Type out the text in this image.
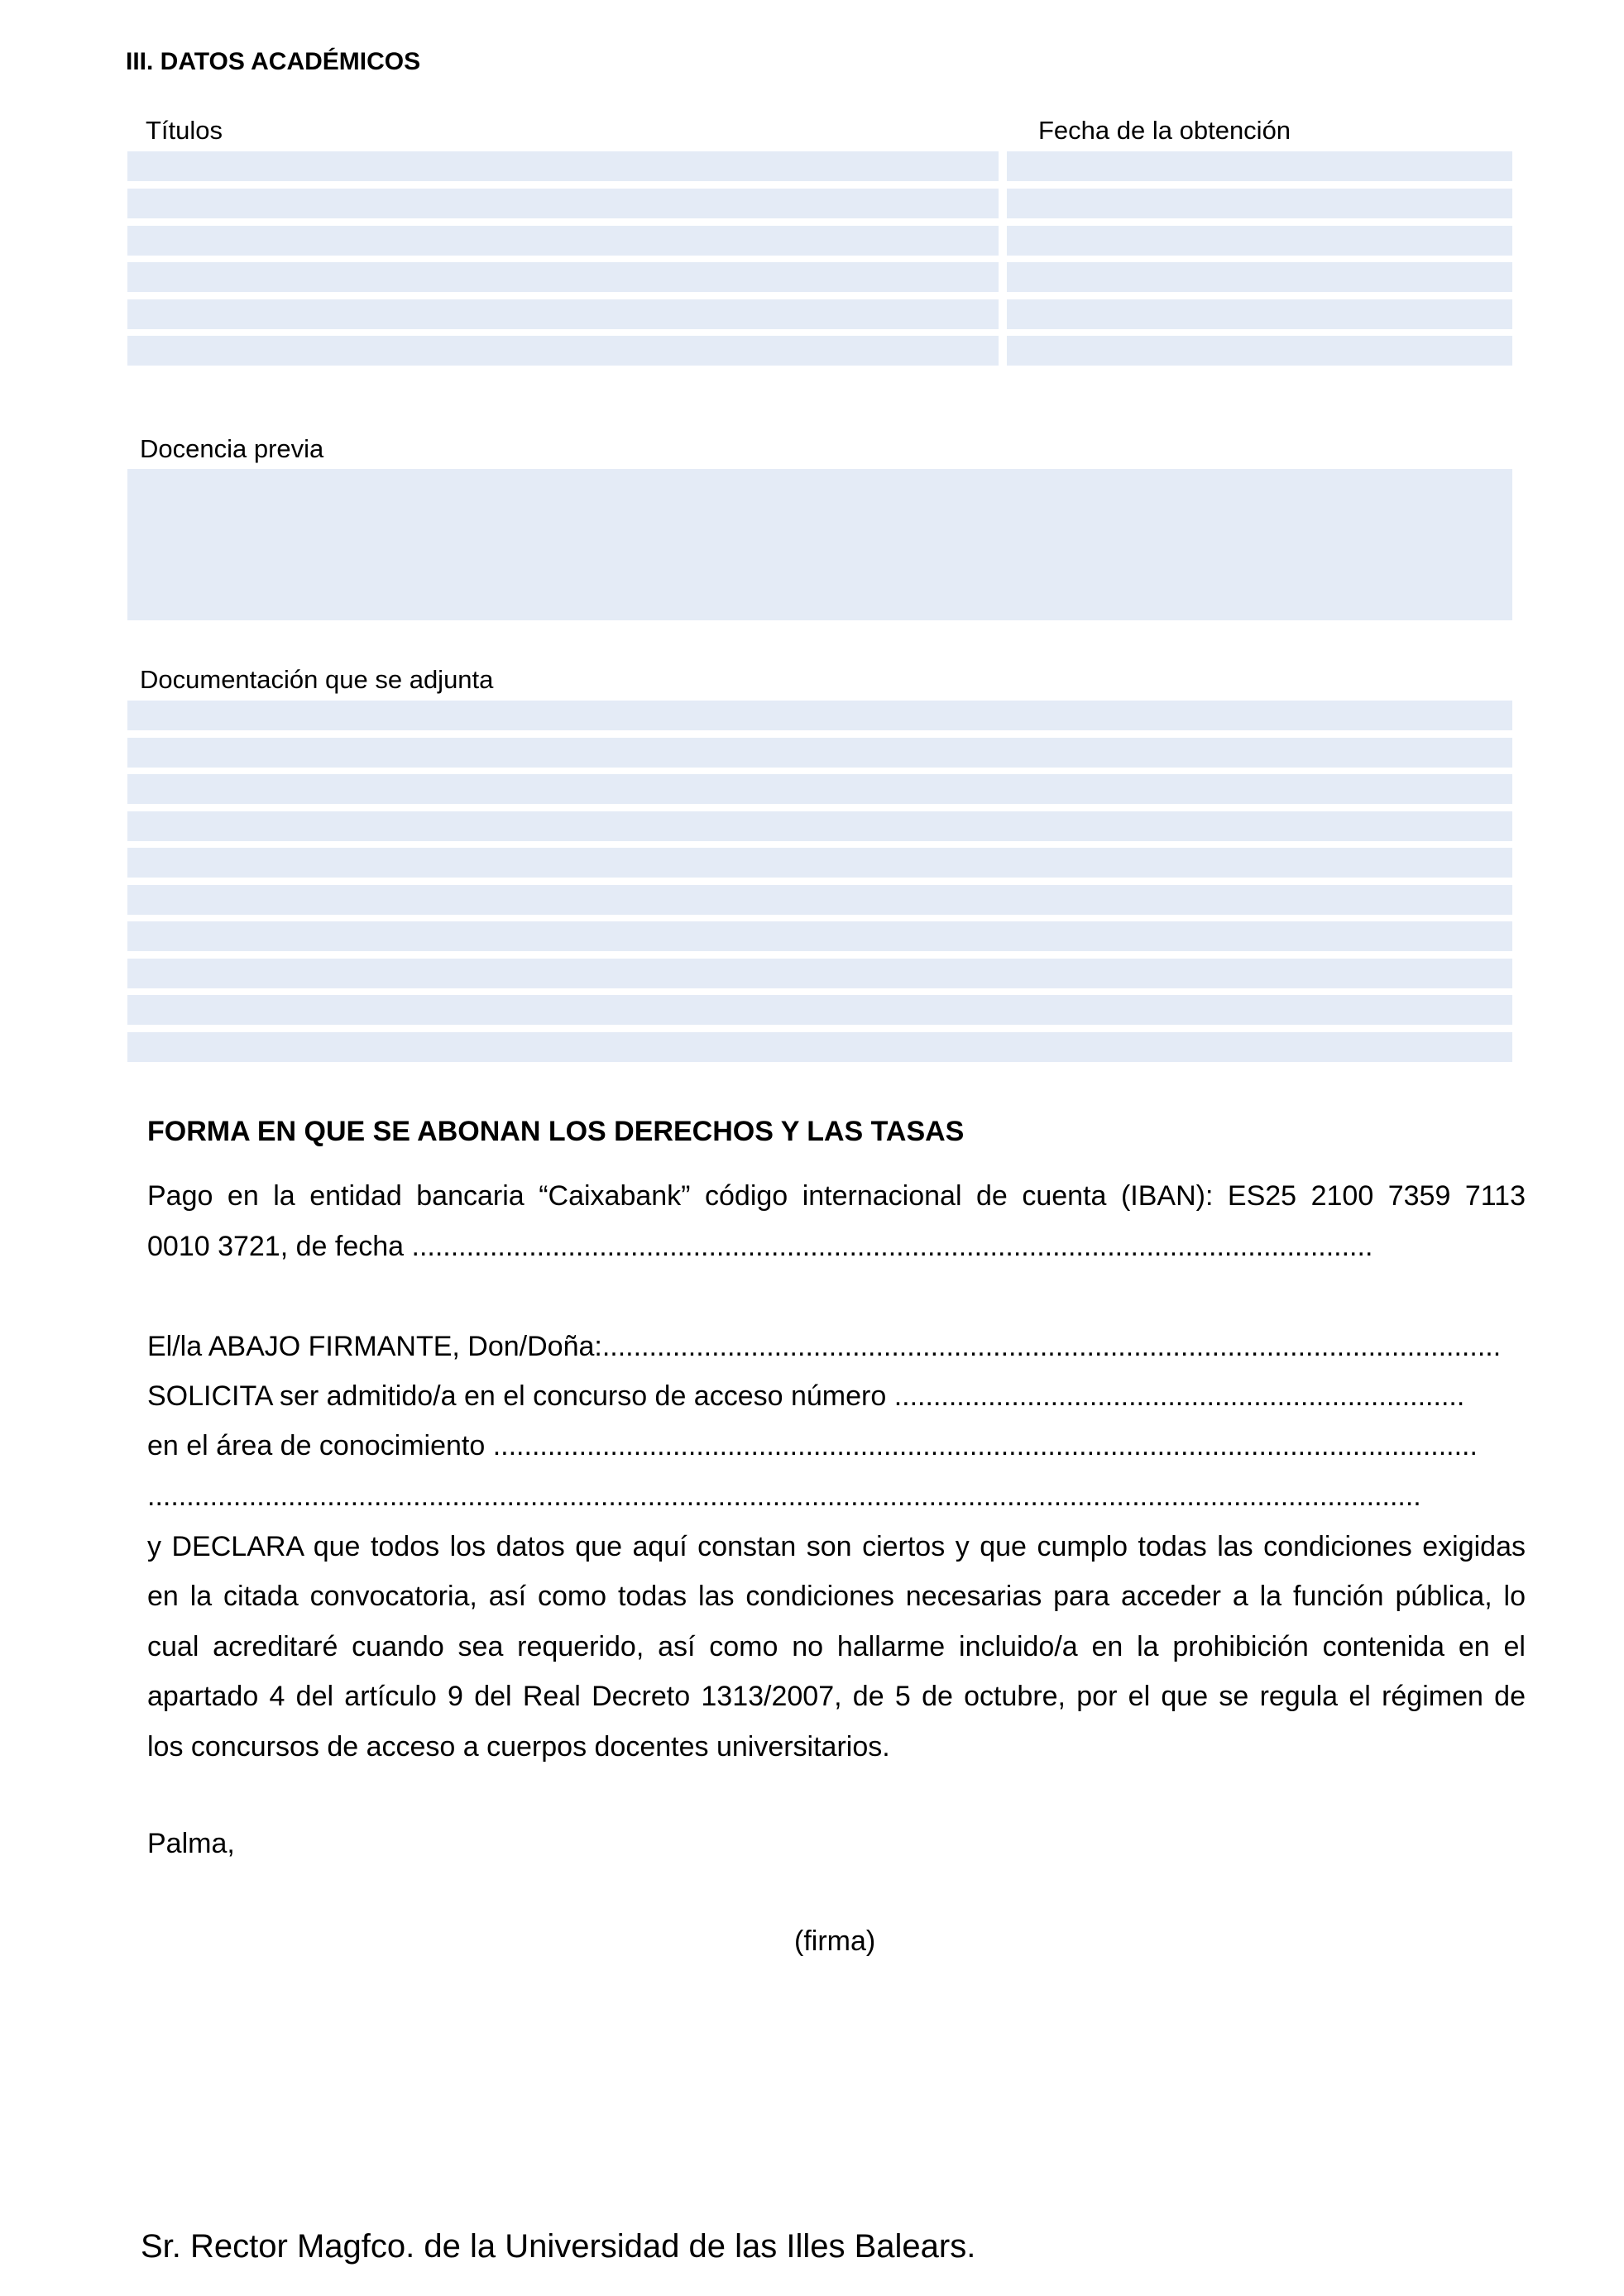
III. DATOS ACADÉMICOS
Títulos	Fecha de la obtención
Docencia previa
Documentación que se adjunta
FORMA EN QUE SE ABONAN LOS DERECHOS Y LAS TASAS
Pago en la entidad bancaria “Caixabank” código internacional de cuenta (IBAN): ES25 2100 7359 7113
0010 3721, de fecha ...........................................................................................................................
El/la ABAJO FIRMANTE, Don/Doña:...................................................................................................................
SOLICITA ser admitido/a en el concurso de acceso número .........................................................................
en el área de conocimiento ..............................................................................................................................
...................................................................................................................................................................
y DECLARA que todos los datos que aquí constan son ciertos y que cumplo todas las condiciones exigidas
en la citada convocatoria, así como todas las condiciones necesarias para acceder a la función pública, lo
cual acreditaré cuando sea requerido, así como no hallarme incluido/a en la prohibición contenida en el
apartado 4 del artículo 9 del Real Decreto 1313/2007, de 5 de octubre, por el que se regula el régimen de
los concursos de acceso a cuerpos docentes universitarios.
Palma,
(firma)
Sr. Rector Magfco. de la Universidad de las Illes Balears.
